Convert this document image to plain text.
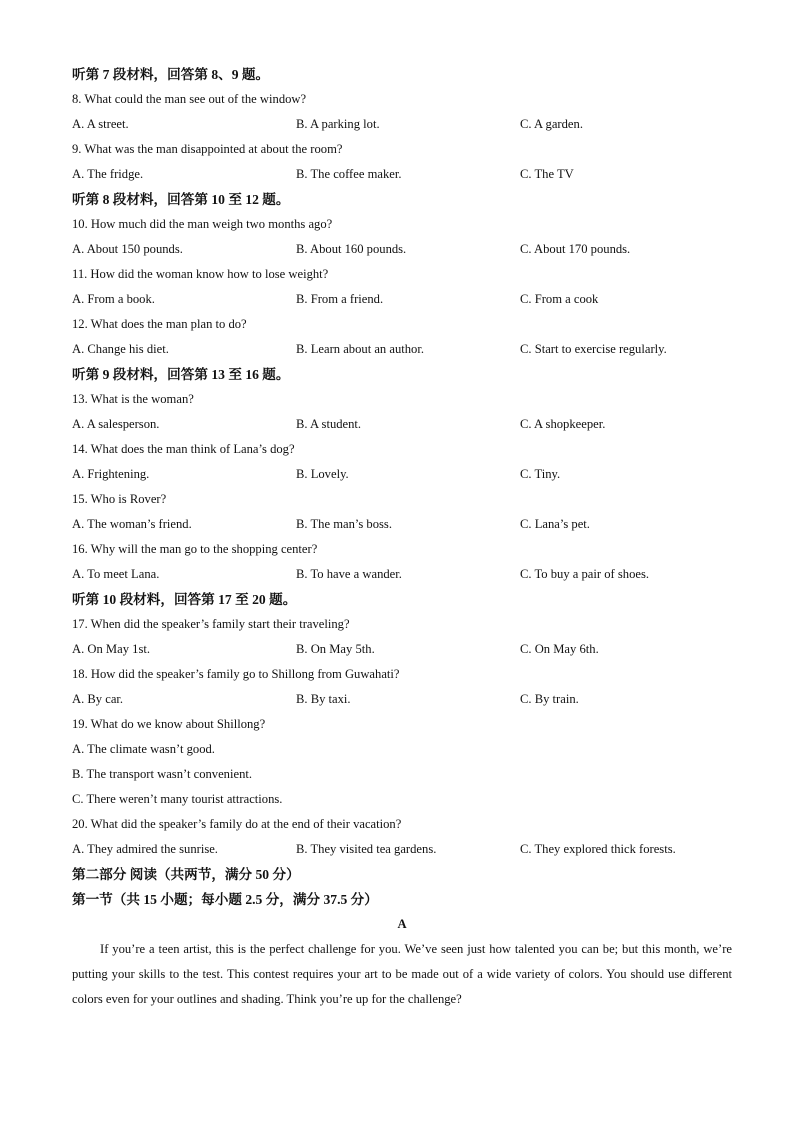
听第 7 段材料，回答第 8、9 题。
8. What could the man see out of the window?
A. A street.	B. A parking lot.	C. A garden.
9. What was the man disappointed at about the room?
A. The fridge.	B. The coffee maker.	C. The TV
听第 8 段材料，回答第 10 至 12 题。
10. How much did the man weigh two months ago?
A. About 150 pounds.	B. About 160 pounds.	C. About 170 pounds.
11. How did the woman know how to lose weight?
A. From a book.	B. From a friend.	C. From a cook
12. What does the man plan to do?
A. Change his diet.	B. Learn about an author.	C. Start to exercise regularly.
听第 9 段材料，回答第 13 至 16 题。
13. What is the woman?
A. A salesperson.	B. A student.	C. A shopkeeper.
14. What does the man think of Lana’s dog?
A. Frightening.	B. Lovely.	C. Tiny.
15. Who is Rover?
A. The woman’s friend.	B. The man’s boss.	C. Lana’s pet.
16. Why will the man go to the shopping center?
A. To meet Lana.	B. To have a wander.	C. To buy a pair of shoes.
听第 10 段材料，回答第 17 至 20 题。
17. When did the speaker’s family start their traveling?
A. On May 1st.	B. On May 5th.	C. On May 6th.
18. How did the speaker’s family go to Shillong from Guwahati?
A. By car.	B. By taxi.	C. By train.
19. What do we know about Shillong?
A. The climate wasn’t good.
B. The transport wasn’t convenient.
C. There weren’t many tourist attractions.
20. What did the speaker’s family do at the end of their vacation?
A. They admired the sunrise.	B. They visited tea gardens.	C. They explored thick forests.
第二部分 阅读（共两节，满分 50 分）
第一节（共 15 小题；每小题 2.5 分，满分 37.5 分）
A

If you’re a teen artist, this is the perfect challenge for you. We’ve seen just how talented you can be; but this month, we’re putting your skills to the test. This contest requires your art to be made out of a wide variety of colors. You should use different colors even for your outlines and shading. Think you’re up for the challenge?
